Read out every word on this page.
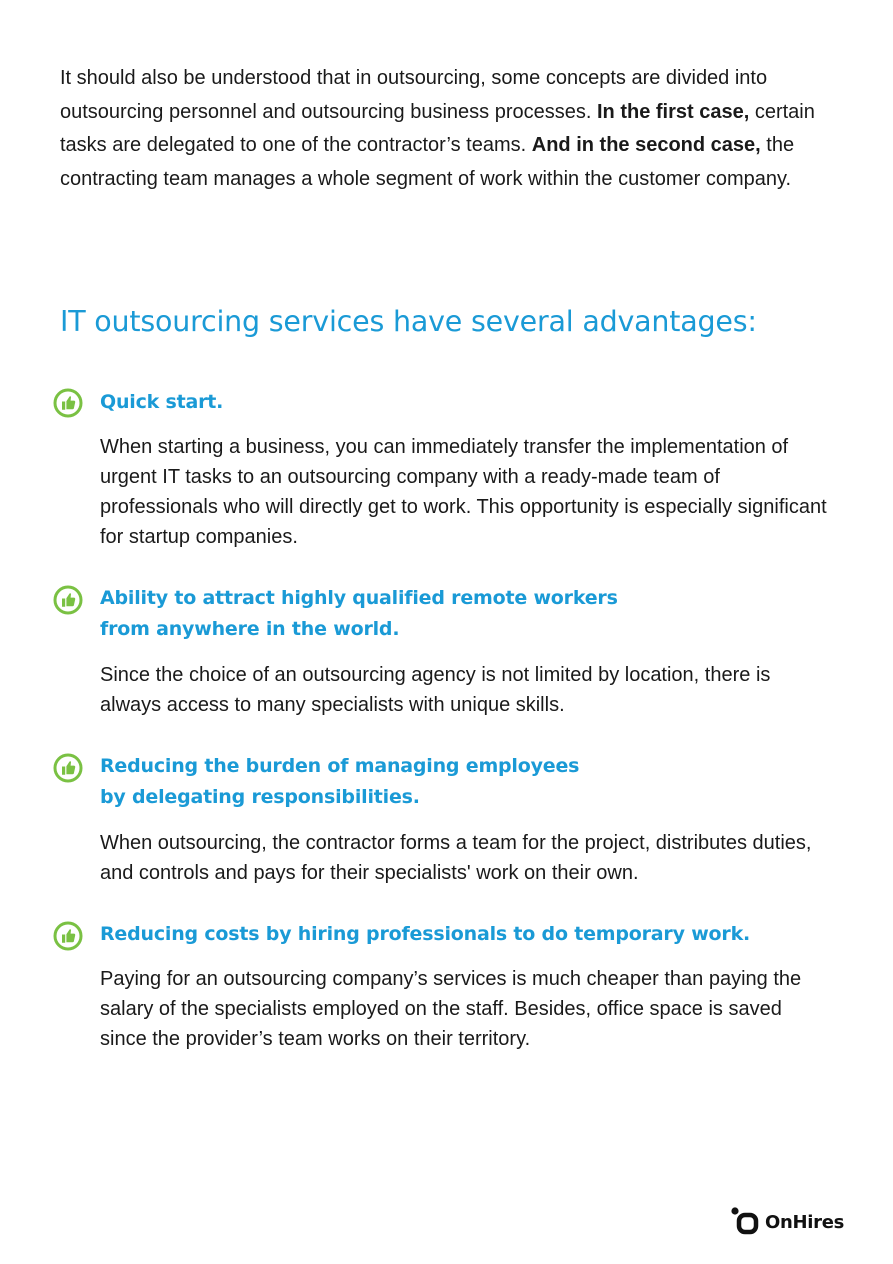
It should also be understood that in outsourcing, some concepts are divided into outsourcing personnel and outsourcing business processes. In the first case, certain tasks are delegated to one of the contractor’s teams. And in the second case, the contracting team manages a whole segment of work within the customer company.

IT outsourcing services have several advantages:
Quick start.

When starting a business, you can immediately transfer the implementation of urgent IT tasks to an outsourcing company with a ready-made team of professionals who will directly get to work. This opportunity is especially significant for startup companies.

Ability to attract highly qualified remote workers
from anywhere in the world.

Since the choice of an outsourcing agency is not limited by location, there is always access to many specialists with unique skills.

Reducing the burden of managing employees
by delegating responsibilities.

When outsourcing, the contractor forms a team for the project, distributes duties, and controls and pays for their specialists' work on their own.

Reducing costs by hiring professionals to do temporary work.

Paying for an outsourcing company’s services is much cheaper than paying the salary of the specialists employed on the staff. Besides, office space is saved since the provider’s team works on their territory.

OnHires
